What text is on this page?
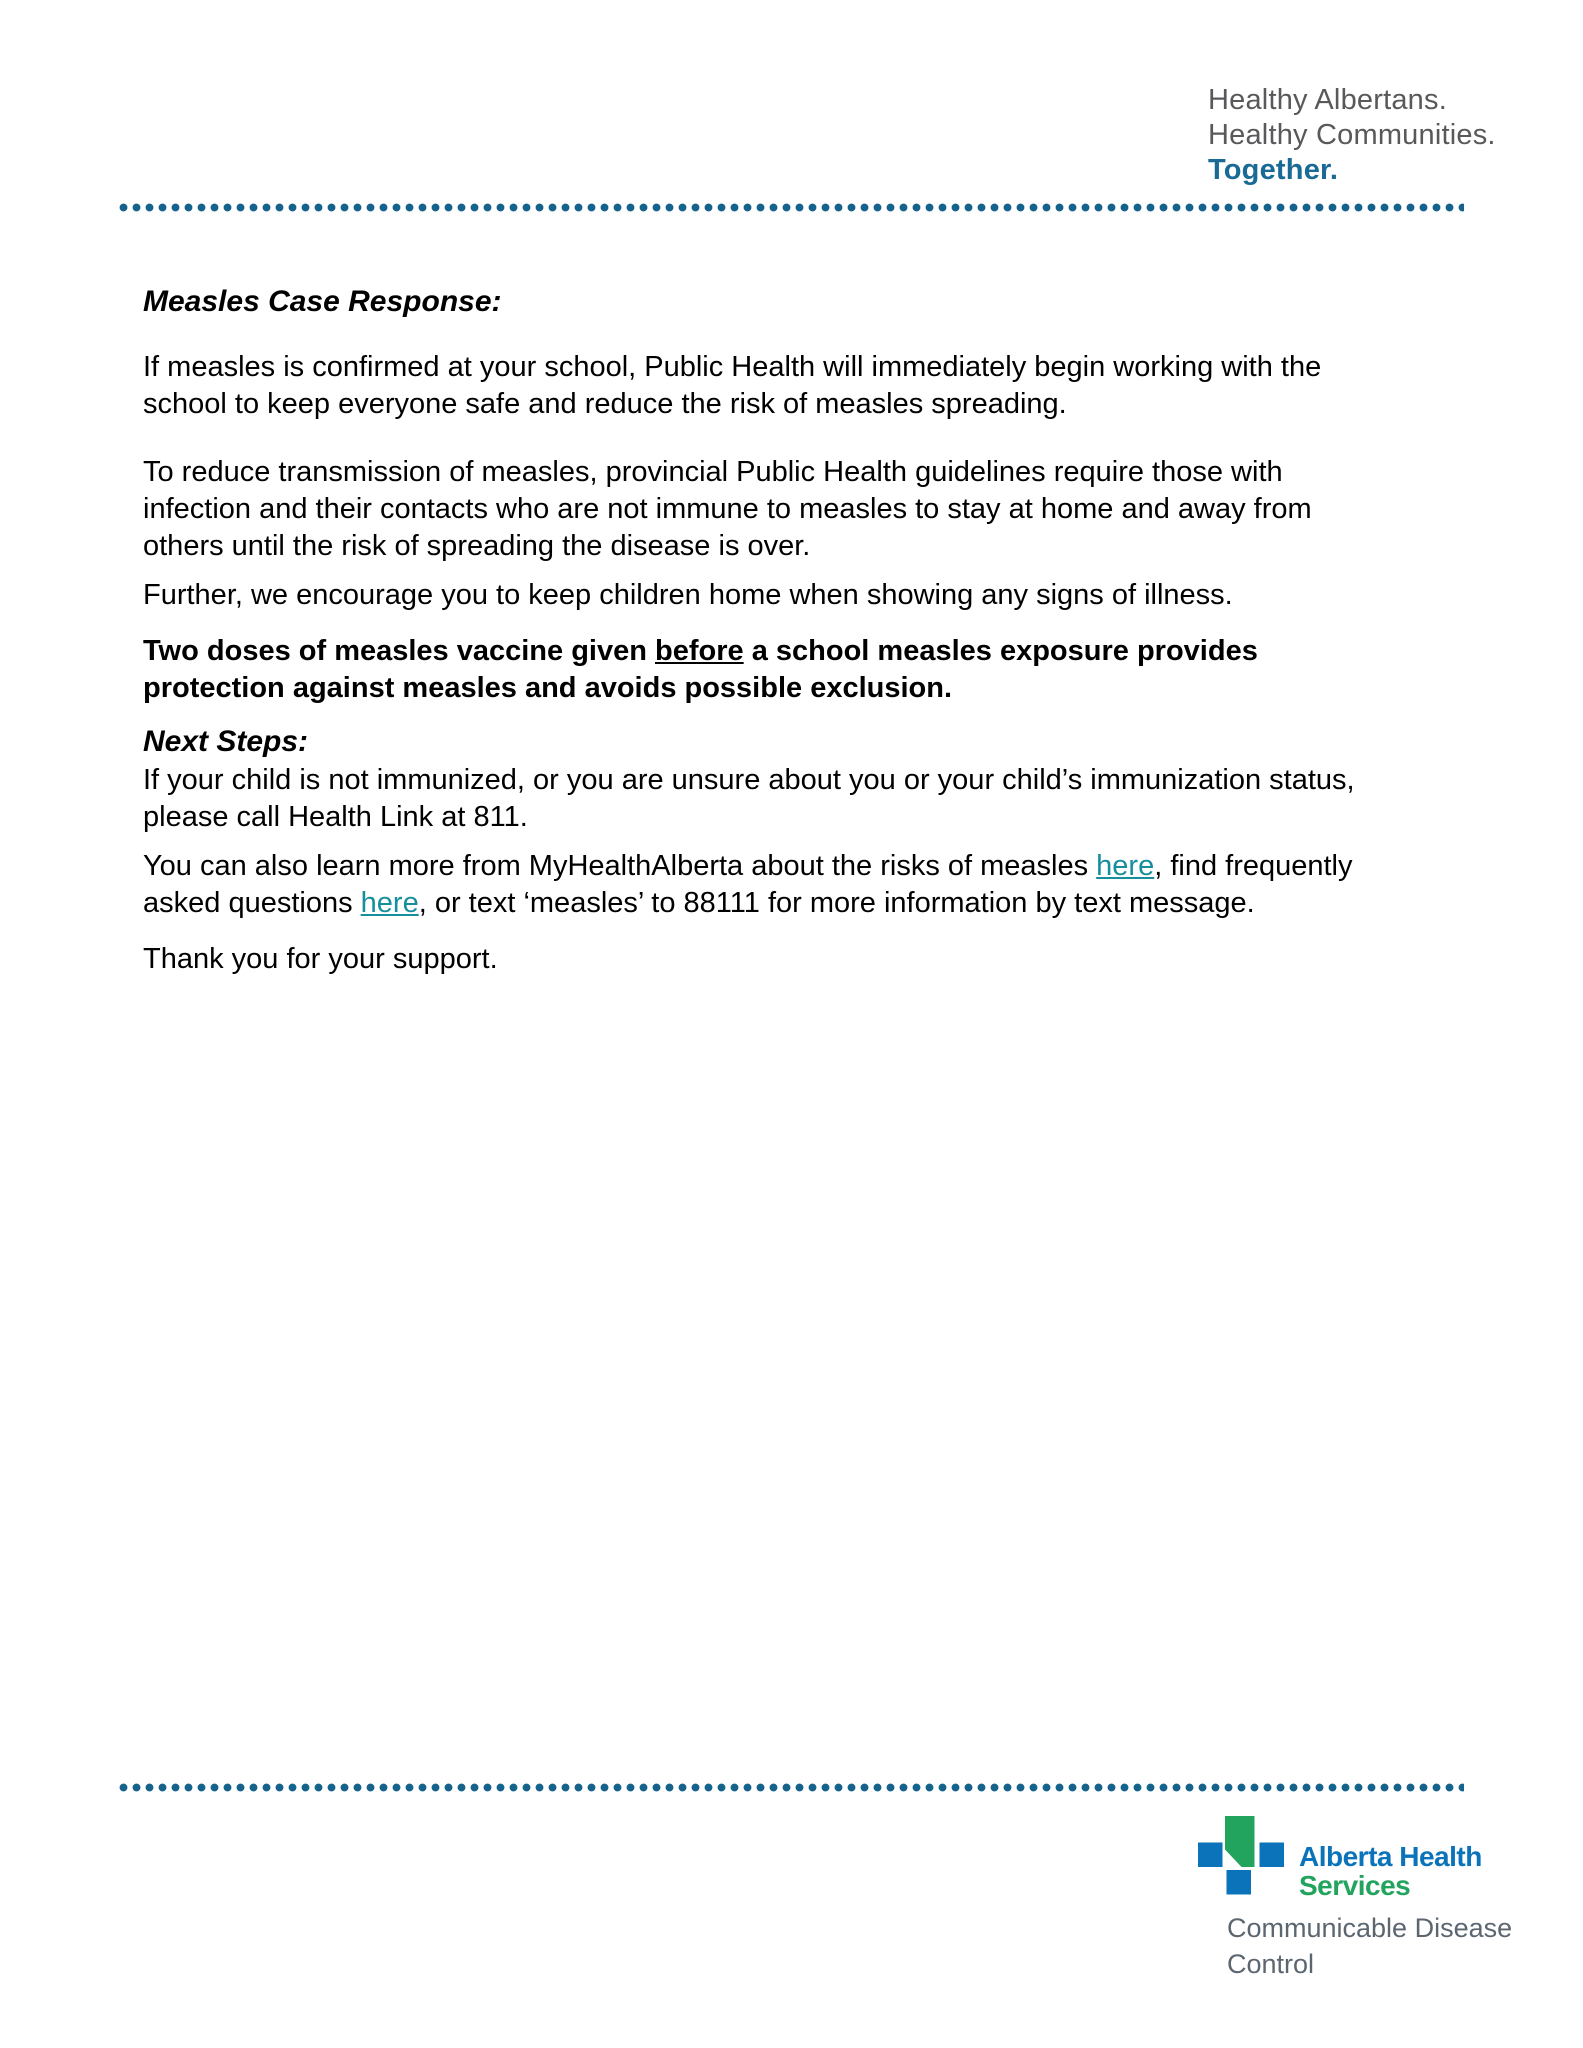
Healthy Albertans.
Healthy Communities.
Together.
Measles Case Response:

If measles is confirmed at your school, Public Health will immediately begin working with the school to keep everyone safe and reduce the risk of measles spreading.

To reduce transmission of measles, provincial Public Health guidelines require those with infection and their contacts who are not immune to measles to stay at home and away from others until the risk of spreading the disease is over.

Further, we encourage you to keep children home when showing any signs of illness.

Two doses of measles vaccine given before a school measles exposure provides protection against measles and avoids possible exclusion.

Next Steps:

If your child is not immunized, or you are unsure about you or your child’s immunization status, please call Health Link at 811.

You can also learn more from MyHealthAlberta about the risks of measles here, find frequently asked questions here, or text ‘measles’ to 88111 for more information by text message.

Thank you for your support.

Alberta Health
Services
Communicable Disease
Control
